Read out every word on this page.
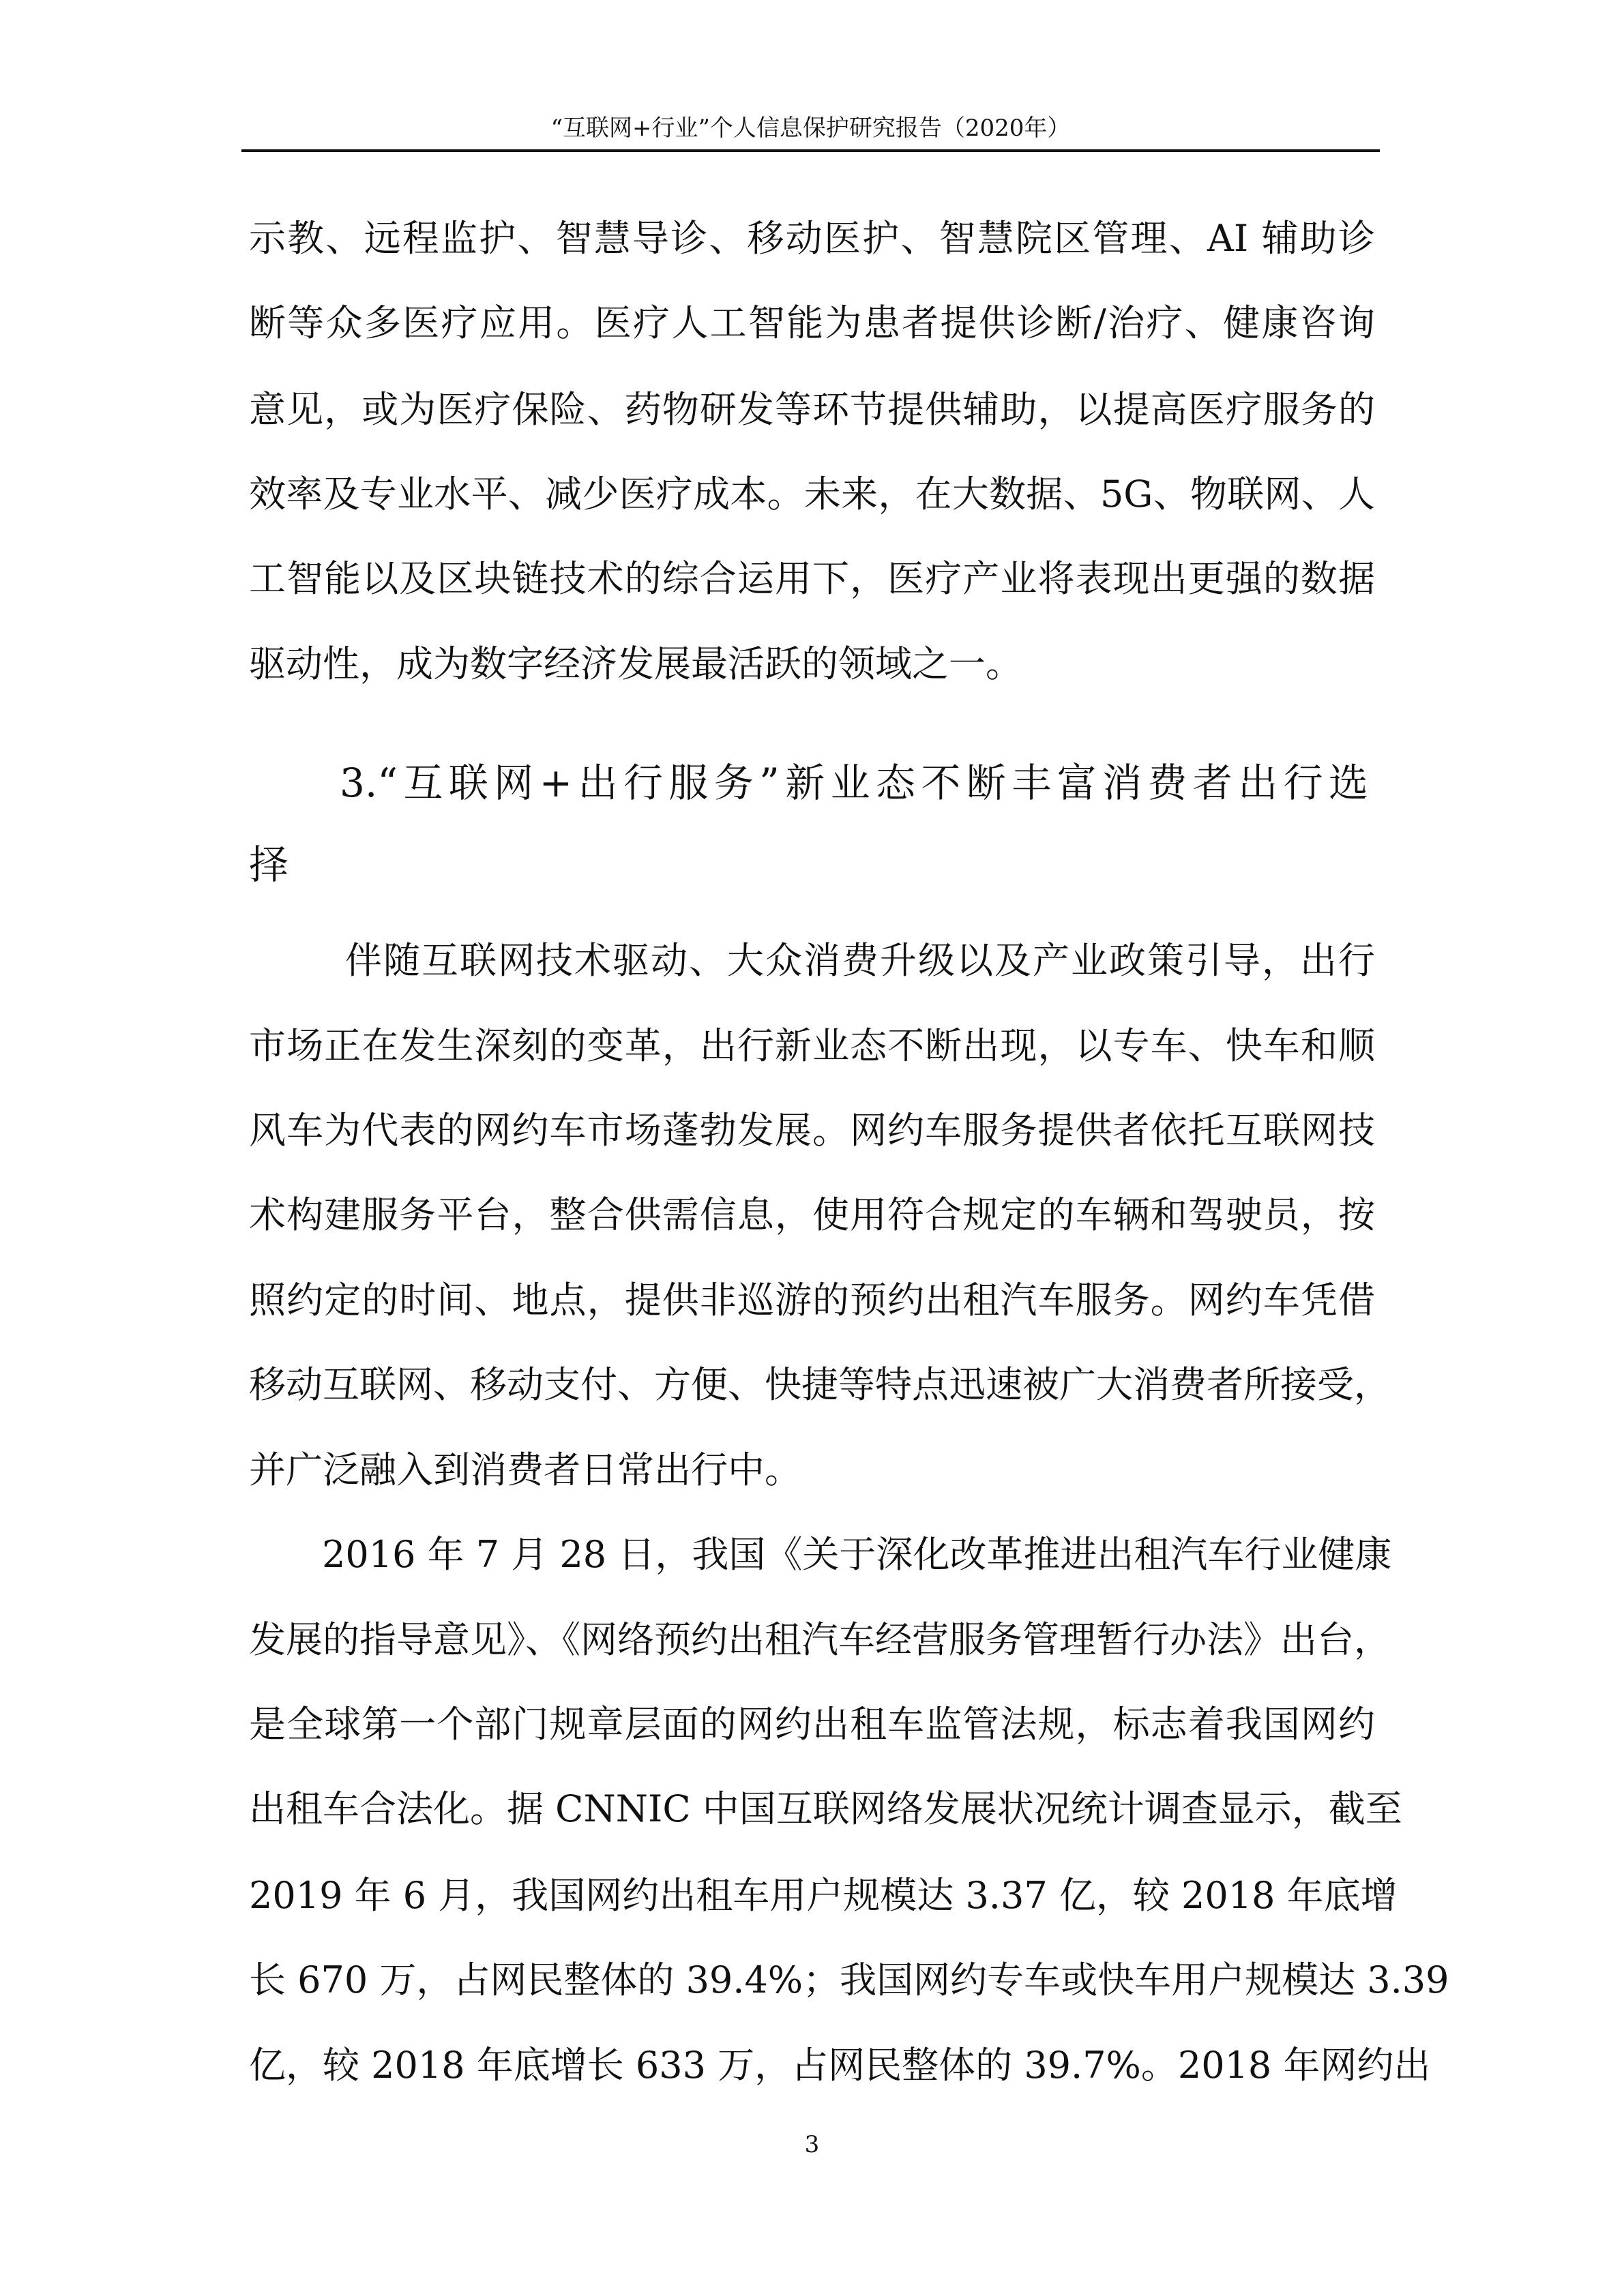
“互联网+行业”个人信息保护研究报告（2020年）
示教、远程监护、智慧导诊、移动医护、智慧院区管理、AI 辅助诊
断等众多医疗应用。医疗人工智能为患者提供诊断/治疗、健康咨询
意见，或为医疗保险、药物研发等环节提供辅助，以提高医疗服务的
效率及专业水平、减少医疗成本。未来，在大数据、5G、物联网、人
工智能以及区块链技术的综合运用下，医疗产业将表现出更强的数据
驱动性，成为数字经济发展最活跃的领域之一。
3.“互联网+出行服务”新业态不断丰富消费者出行选
择
伴随互联网技术驱动、大众消费升级以及产业政策引导，出行
市场正在发生深刻的变革，出行新业态不断出现，以专车、快车和顺
风车为代表的网约车市场蓬勃发展。网约车服务提供者依托互联网技
术构建服务平台，整合供需信息，使用符合规定的车辆和驾驶员，按
照约定的时间、地点，提供非巡游的预约出租汽车服务。网约车凭借
移动互联网、移动支付、方便、快捷等特点迅速被广大消费者所接受，
并广泛融入到消费者日常出行中。
2016 年 7 月 28 日，我国《关于深化改革推进出租汽车行业健康
发展的指导意见》、《网络预约出租汽车经营服务管理暂行办法》出台，
是全球第一个部门规章层面的网约出租车监管法规，标志着我国网约
出租车合法化。据 CNNIC 中国互联网络发展状况统计调查显示，截至
2019 年 6 月，我国网约出租车用户规模达 3.37 亿，较 2018 年底增
长 670 万，占网民整体的 39.4%；我国网约专车或快车用户规模达 3.39
亿，较 2018 年底增长 633 万，占网民整体的 39.7%。2018 年网约出
3
